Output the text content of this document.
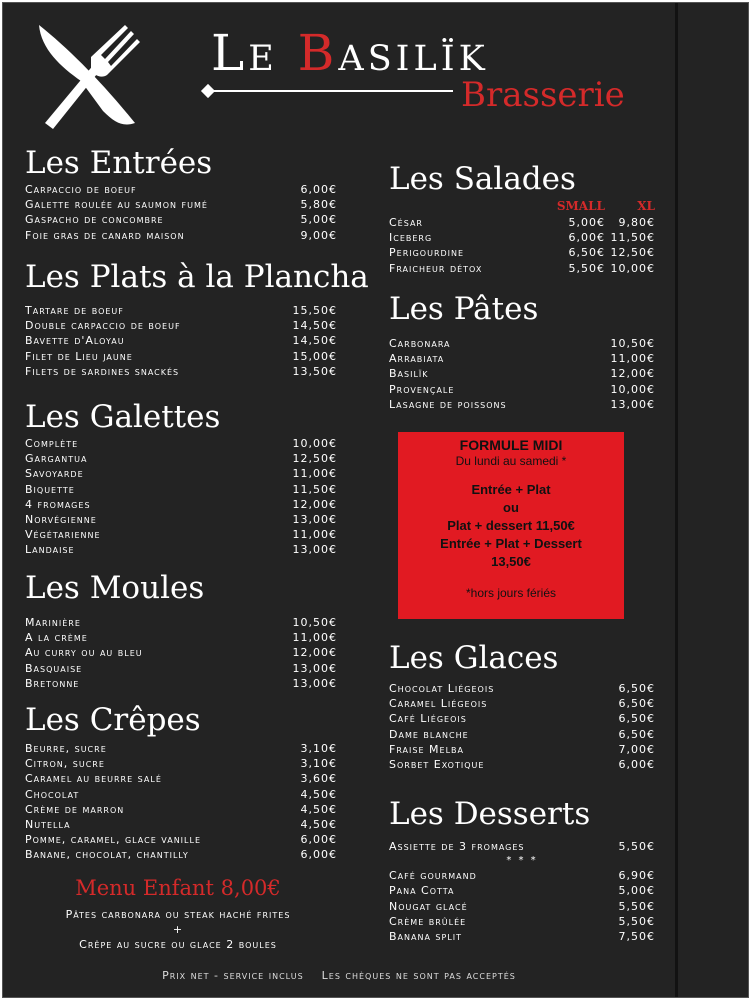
Le Basilïk
Brasserie
Les Entrées
Carpaccio de boeuf	6,00€
Galette roulée au saumon fumé	5,80€
Gaspacho de concombre	5,00€
Foie gras de canard maison	9,00€
Les Plats à la Plancha
Tartare de boeuf	15,50€
Double carpaccio de boeuf	14,50€
Bavette d'Aloyau	14,50€
Filet de Lieu jaune	15,00€
Filets de sardines snackés	13,50€
Les Galettes
Complète	10,00€
Gargantua	12,50€
Savoyarde	11,00€
Biquette	11,50€
4 fromages	12,00€
Norvégienne	13,00€
Végétarienne	11,00€
Landaise	13,00€
Les Moules
Marinière	10,50€
A la crème	11,00€
Au curry ou au bleu	12,00€
Basquaise	13,00€
Bretonne	13,00€
Les Crêpes
Beurre, sucre	3,10€
Citron, sucre	3,10€
Caramel au beurre salé	3,60€
Chocolat	4,50€
Crème de marron	4,50€
Nutella	4,50€
Pomme, caramel, glace vanille	6,00€
Banane, chocolat, chantilly	6,00€
Menu Enfant 8,00€
Pâtes carbonara ou steak haché frites
+
Crêpe au sucre ou glace 2 boules
Les Salades
SMALL	XL
César	5,00€	9,80€
Iceberg	6,00€ 11,50€
Perigourdine	6,50€ 12,50€
Fraicheur détox	5,50€ 10,00€
Les Pâtes
Carbonara	10,50€
Arrabiata	11,00€
Basilïk	12,00€
Provençale	10,00€
Lasagne de poissons	13,00€
FORMULE MIDI
Du lundi au samedi *
Entrée + Plat
ou
Plat + dessert 11,50€
Entrée + Plat + Dessert
13,50€
*hors jours fériés
Les Glaces
Chocolat Liégeois	6,50€
Caramel Liégeois	6,50€
Café Liégeois	6,50€
Dame blanche	6,50€
Fraise Melba	7,00€
Sorbet Exotique	6,00€
Les Desserts
Assiette de 3 fromages	5,50€
* * *
Café gourmand	6,90€
Pana Cotta	5,00€
Nougat glacé	5,50€
Crème brûlée	5,50€
Banana split	7,50€
Prix net - service inclus    Les chèques ne sont pas acceptés
